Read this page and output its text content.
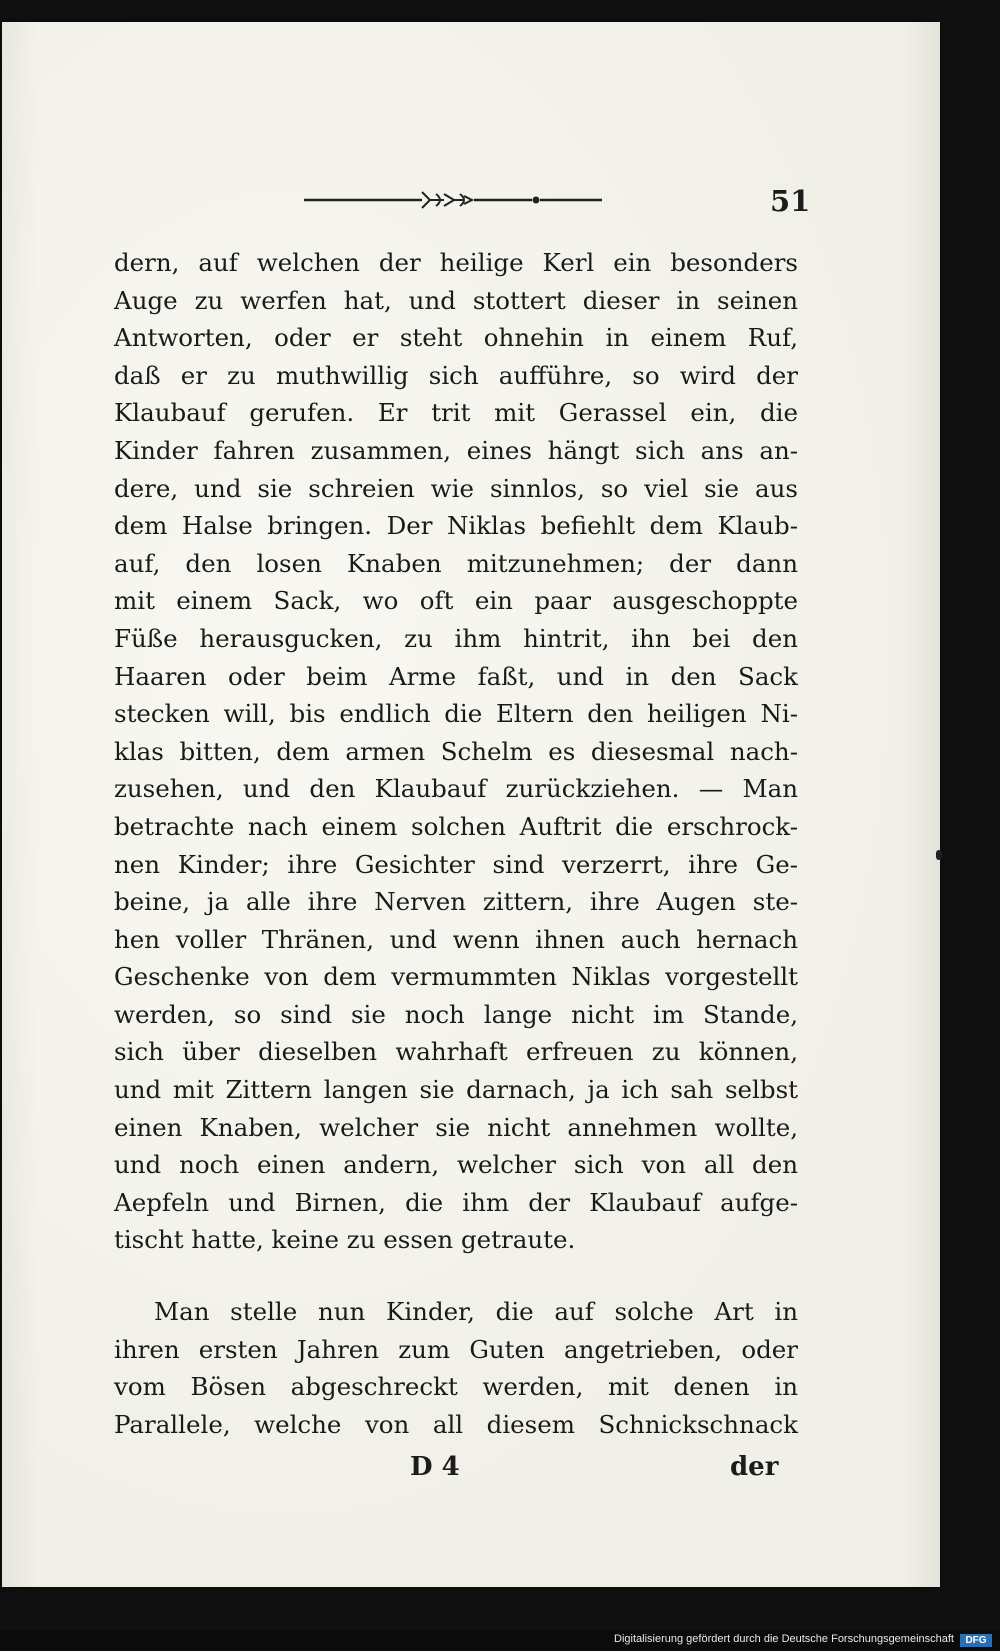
51
dern, auf welchen der heilige Kerl ein besonders
Auge zu werfen hat, und stottert dieser in seinen
Antworten, oder er steht ohnehin in einem Ruf,
daß er zu muthwillig sich aufführe, so wird der
Klaubauf gerufen. Er trit mit Gerassel ein, die
Kinder fahren zusammen, eines hängt sich ans an-
dere, und sie schreien wie sinnlos, so viel sie aus
dem Halse bringen. Der Niklas befiehlt dem Klaub-
auf, den losen Knaben mitzunehmen; der dann
mit einem Sack, wo oft ein paar ausgeschoppte
Füße herausgucken, zu ihm hintrit, ihn bei den
Haaren oder beim Arme faßt, und in den Sack
stecken will, bis endlich die Eltern den heiligen Ni-
klas bitten, dem armen Schelm es diesesmal nach-
zusehen, und den Klaubauf zurückziehen. — Man
betrachte nach einem solchen Auftrit die erschrock-
nen Kinder; ihre Gesichter sind verzerrt, ihre Ge-
beine, ja alle ihre Nerven zittern, ihre Augen ste-
hen voller Thränen, und wenn ihnen auch hernach
Geschenke von dem vermummten Niklas vorgestellt
werden, so sind sie noch lange nicht im Stande,
sich über dieselben wahrhaft erfreuen zu können,
und mit Zittern langen sie darnach, ja ich sah selbst
einen Knaben, welcher sie nicht annehmen wollte,
und noch einen andern, welcher sich von all den
Aepfeln und Birnen, die ihm der Klaubauf aufge-
tischt hatte, keine zu essen getraute.
Man stelle nun Kinder, die auf solche Art in
ihren ersten Jahren zum Guten angetrieben, oder
vom Bösen abgeschreckt werden, mit denen in
Parallele, welche von all diesem Schnickschnack
D 4	der
Digitalisierung gefördert durch die Deutsche Forschungsgemeinschaft	DFG
